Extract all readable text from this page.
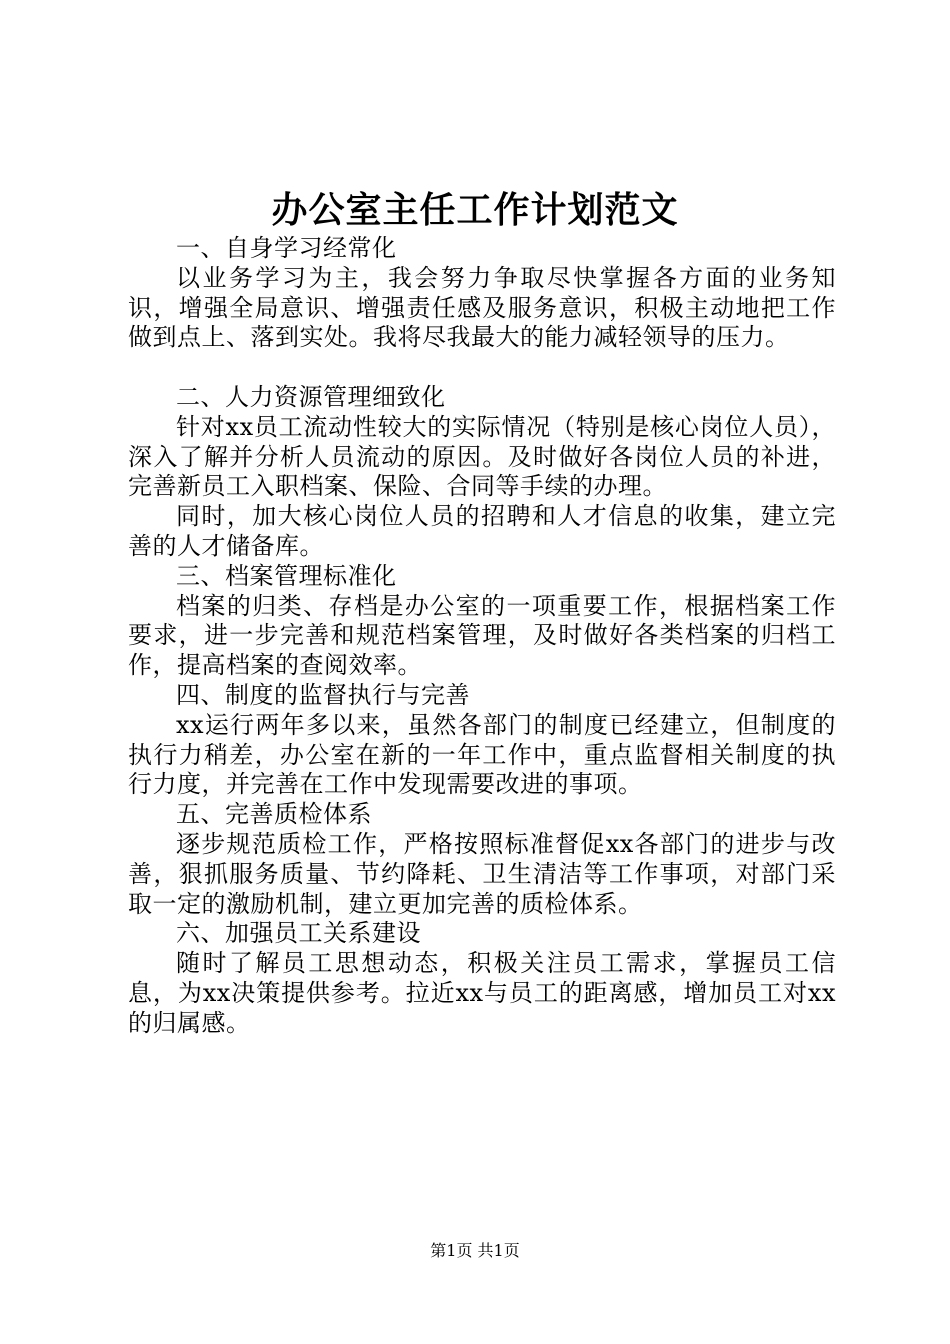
办公室主任工作计划范文

一、自身学习经常化

以业务学习为主，我会努力争取尽快掌握各方面的业务知识，增强全局意识、增强责任感及服务意识，积极主动地把工作做到点上、落到实处。我将尽我最大的能力减轻领导的压力。

二、人力资源管理细致化

针对xx员工流动性较大的实际情况（特别是核心岗位人员），深入了解并分析人员流动的原因。及时做好各岗位人员的补进，完善新员工入职档案、保险、合同等手续的办理。

同时，加大核心岗位人员的招聘和人才信息的收集，建立完善的人才储备库。

三、档案管理标准化

档案的归类、存档是办公室的一项重要工作，根据档案工作要求，进一步完善和规范档案管理，及时做好各类档案的归档工作，提高档案的查阅效率。

四、制度的监督执行与完善

xx运行两年多以来，虽然各部门的制度已经建立，但制度的执行力稍差，办公室在新的一年工作中，重点监督相关制度的执行力度，并完善在工作中发现需要改进的事项。

五、完善质检体系

逐步规范质检工作，严格按照标准督促xx各部门的进步与改善，狠抓服务质量、节约降耗、卫生清洁等工作事项，对部门采取一定的激励机制，建立更加完善的质检体系。

六、加强员工关系建设

随时了解员工思想动态，积极关注员工需求，掌握员工信息，为xx决策提供参考。拉近xx与员工的距离感，增加员工对xx的归属感。

第1页 共1页
